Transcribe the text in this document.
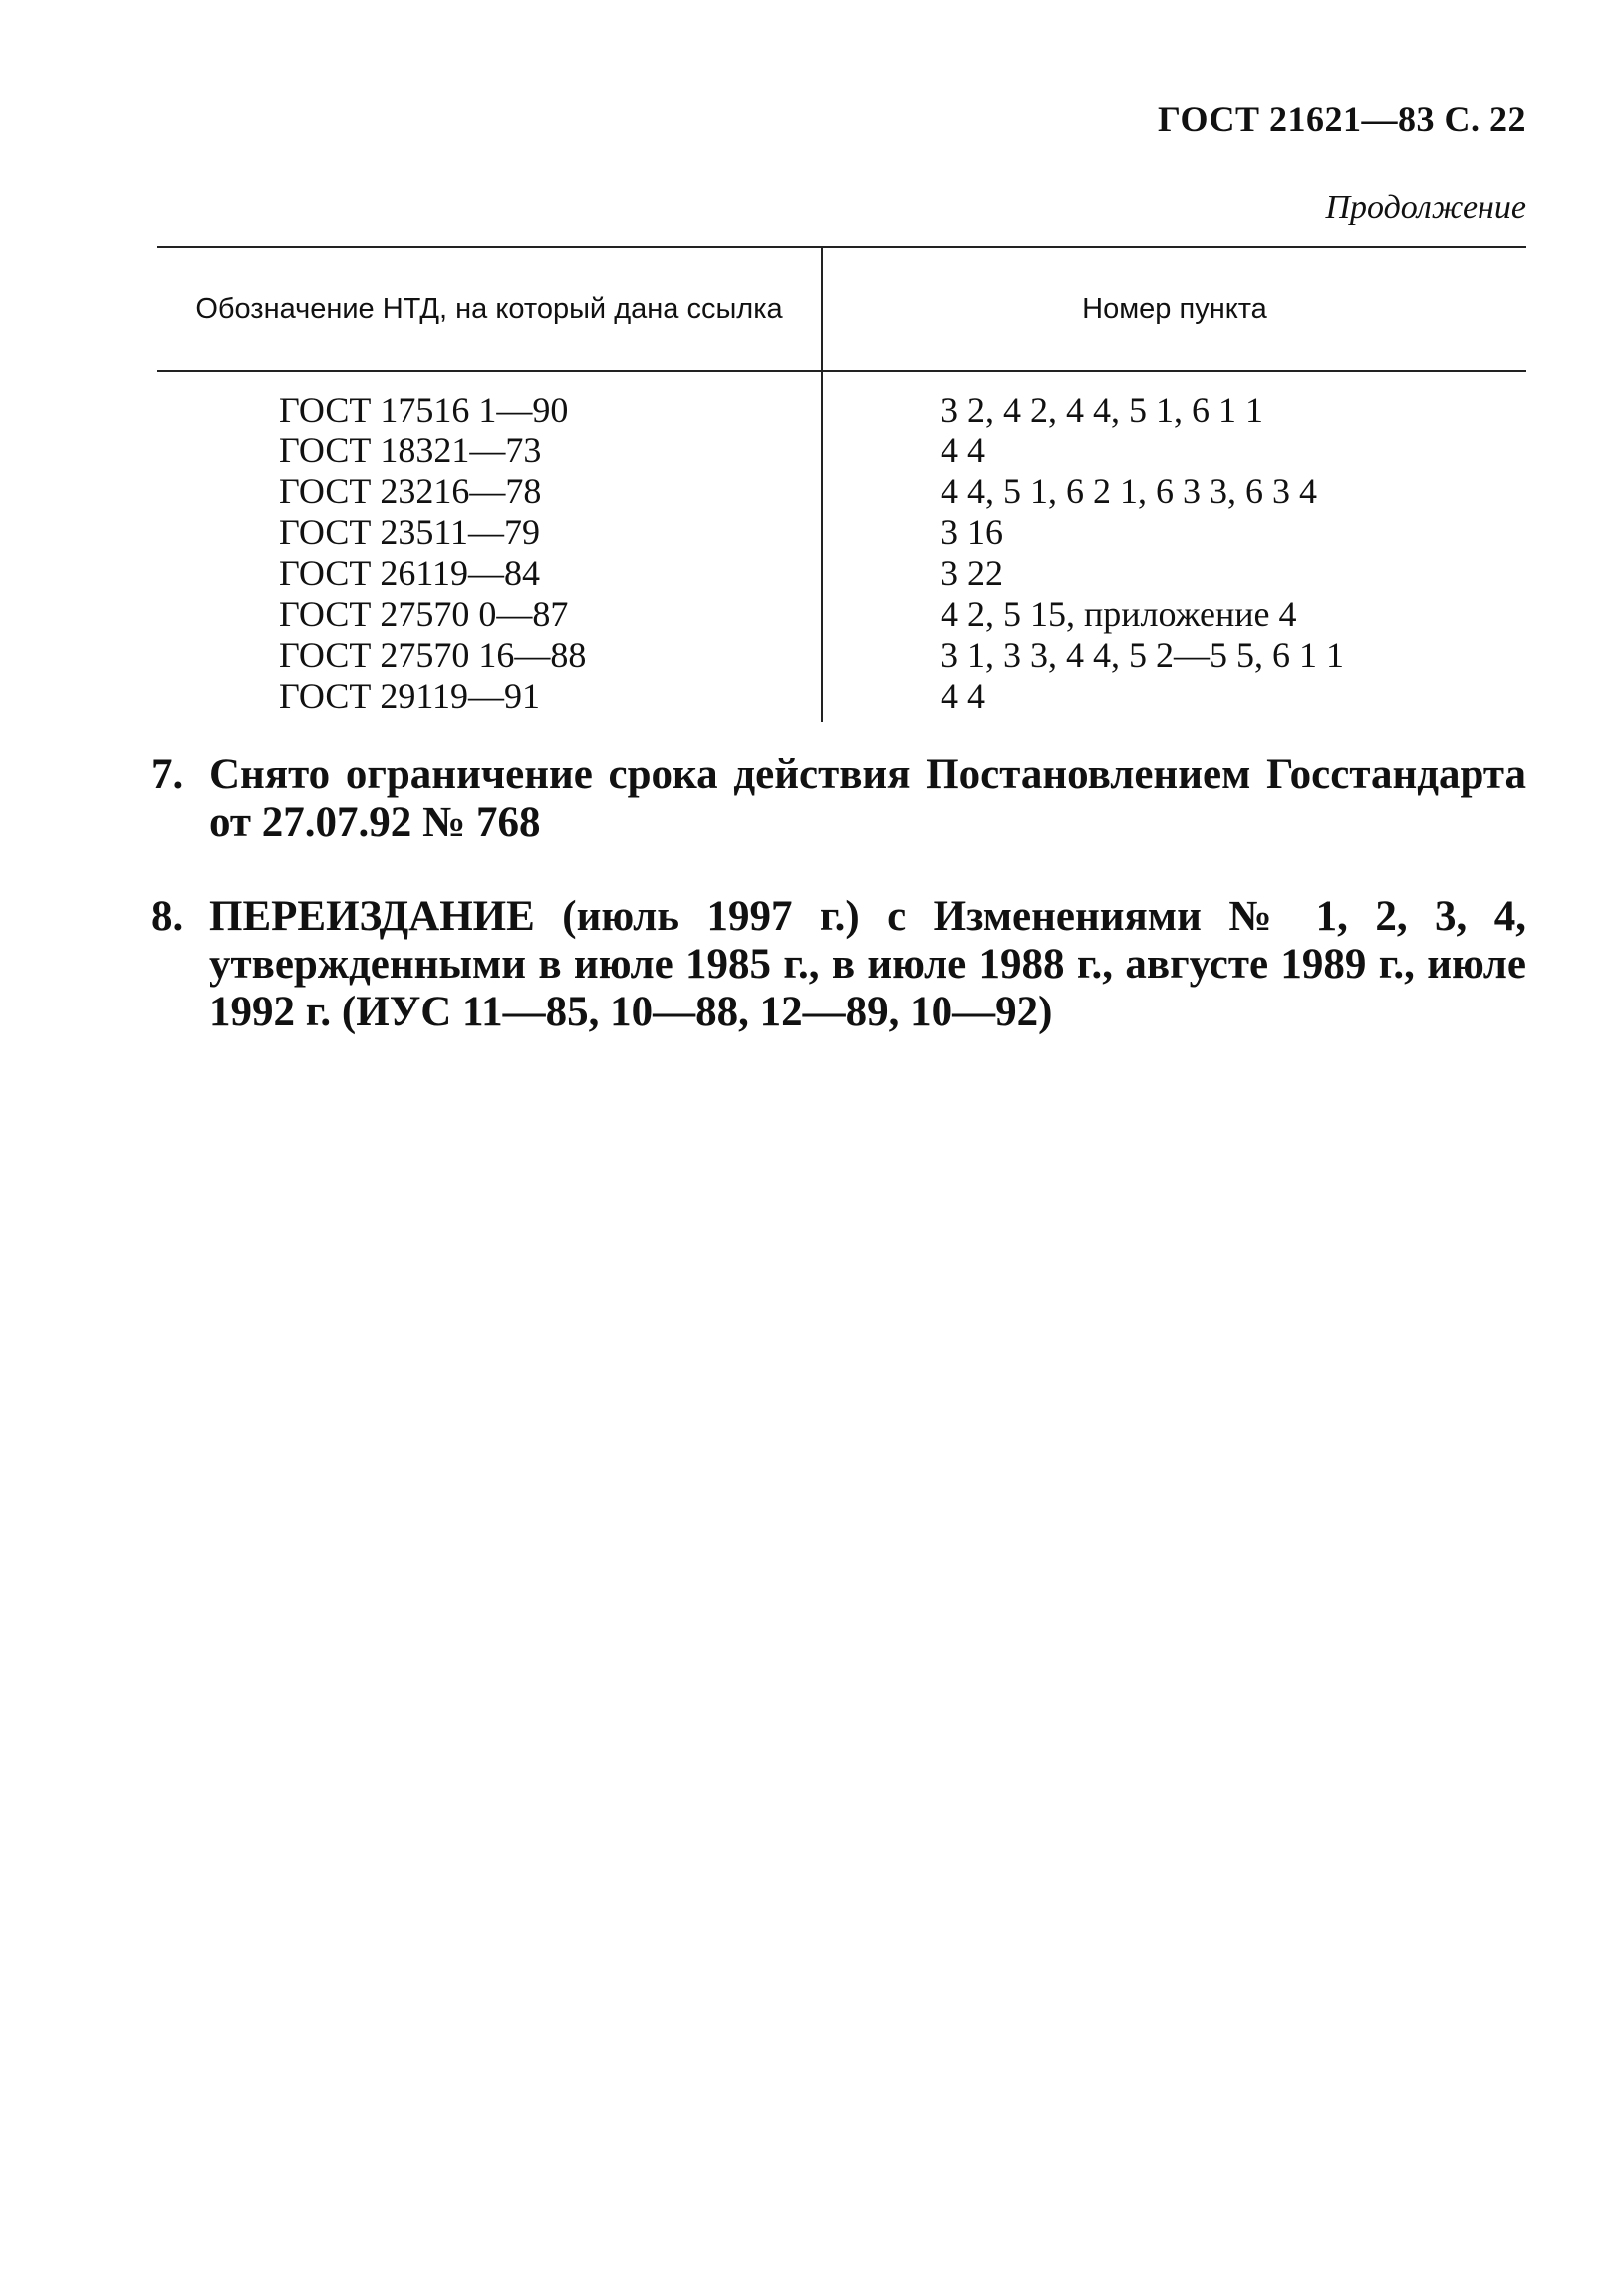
ГОСТ 21621—83 С. 22
Продолжение
Обозначение НТД, на который дана ссылка	Номер пункта
ГОСТ 17516 1—90	3 2, 4 2, 4 4, 5 1, 6 1 1
ГОСТ 18321—73	4 4
ГОСТ 23216—78	4 4, 5 1, 6 2 1, 6 3 3, 6 3 4
ГОСТ 23511—79	3 16
ГОСТ 26119—84	3 22
ГОСТ 27570 0—87	4 2, 5 15, приложение 4
ГОСТ 27570 16—88	3 1, 3 3, 4 4, 5 2—5 5, 6 1 1
ГОСТ 29119—91	4 4
7. Снято ограничение срока действия Постановлением Госстандарта от 27.07.92 № 768
8. ПЕРЕИЗДАНИЕ (июль 1997 г.) с Изменениями № 1, 2, 3, 4, утвержденными в июле 1985 г., в июле 1988 г., августе 1989 г., июле 1992 г. (ИУС 11—85, 10—88, 12—89, 10—92)
